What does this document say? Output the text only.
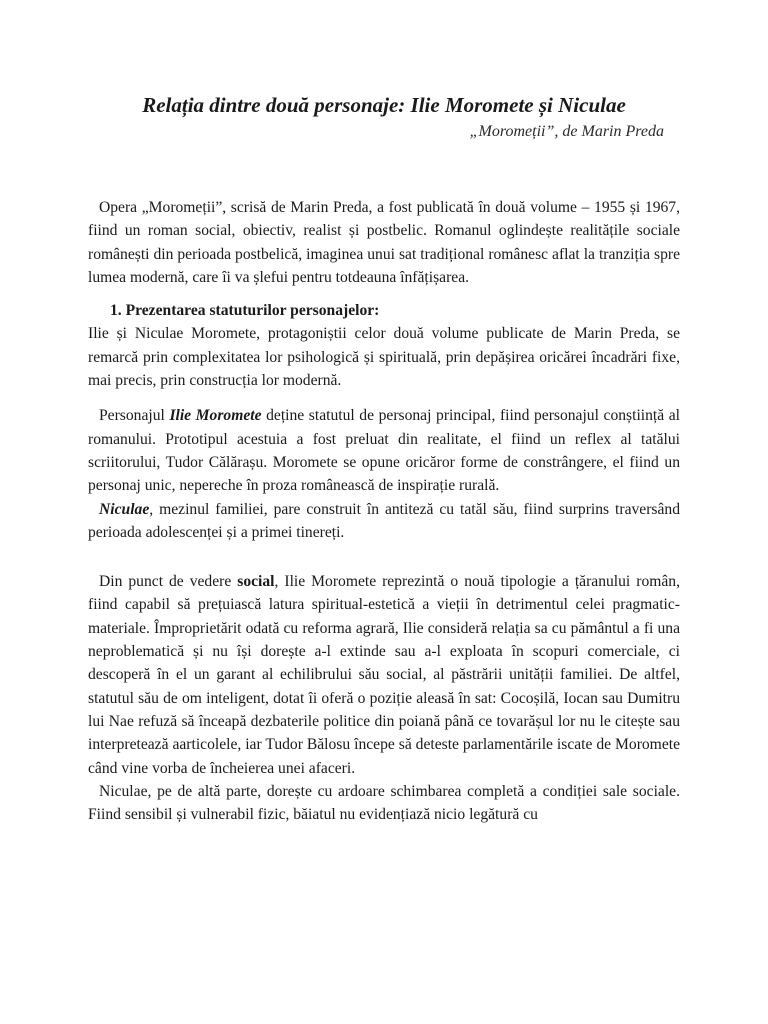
Relația dintre două personaje: Ilie Moromete și Niculae
„Moromeții”, de Marin Preda

Opera „Moromeții”, scrisă de Marin Preda, a fost publicată în două volume – 1955 și 1967, fiind un roman social, obiectiv, realist și postbelic. Romanul oglindește realitățile sociale românești din perioada postbelică, imaginea unui sat tradițional românesc aflat la tranziția spre lumea modernă, care îi va șlefui pentru totdeauna înfățișarea.

1. Prezentarea statuturilor personajelor:

Ilie și Niculae Moromete, protagoniștii celor două volume publicate de Marin Preda, se remarcă prin complexitatea lor psihologică și spirituală, prin depășirea oricărei încadrări fixe, mai precis, prin construcția lor modernă.

Personajul Ilie Moromete deține statutul de personaj principal, fiind personajul conștiință al romanului. Prototipul acestuia a fost preluat din realitate, el fiind un reflex al tatălui scriitorului, Tudor Călărașu. Moromete se opune oricăror forme de constrângere, el fiind un personaj unic, nepereche în proza românească de inspirație rurală.

Niculae, mezinul familiei, pare construit în antiteză cu tatăl său, fiind surprins traversând perioada adolescenței și a primei tinereți.

Din punct de vedere social, Ilie Moromete reprezintă o nouă tipologie a țăranului român, fiind capabil să prețuiască latura spiritual-estetică a vieții în detrimentul celei pragmatic-materiale. Împroprietărit odată cu reforma agrară, Ilie consideră relația sa cu pământul a fi una neproblematică și nu își dorește a-l extinde sau a-l exploata în scopuri comerciale, ci descoperă în el un garant al echilibrului său social, al păstrării unității familiei. De altfel, statutul său de om inteligent, dotat îi oferă o poziție aleasă în sat: Cocoșilă, Iocan sau Dumitru lui Nae refuză să înceapă dezbaterile politice din poiană până ce tovarășul lor nu le citește sau interpretează aarticolele, iar Tudor Bălosu începe să deteste parlamentările iscate de Moromete când vine vorba de încheierea unei afaceri.

Niculae, pe de altă parte, dorește cu ardoare schimbarea completă a condiției sale sociale. Fiind sensibil și vulnerabil fizic, băiatul nu evidențiază nicio legătură cu
